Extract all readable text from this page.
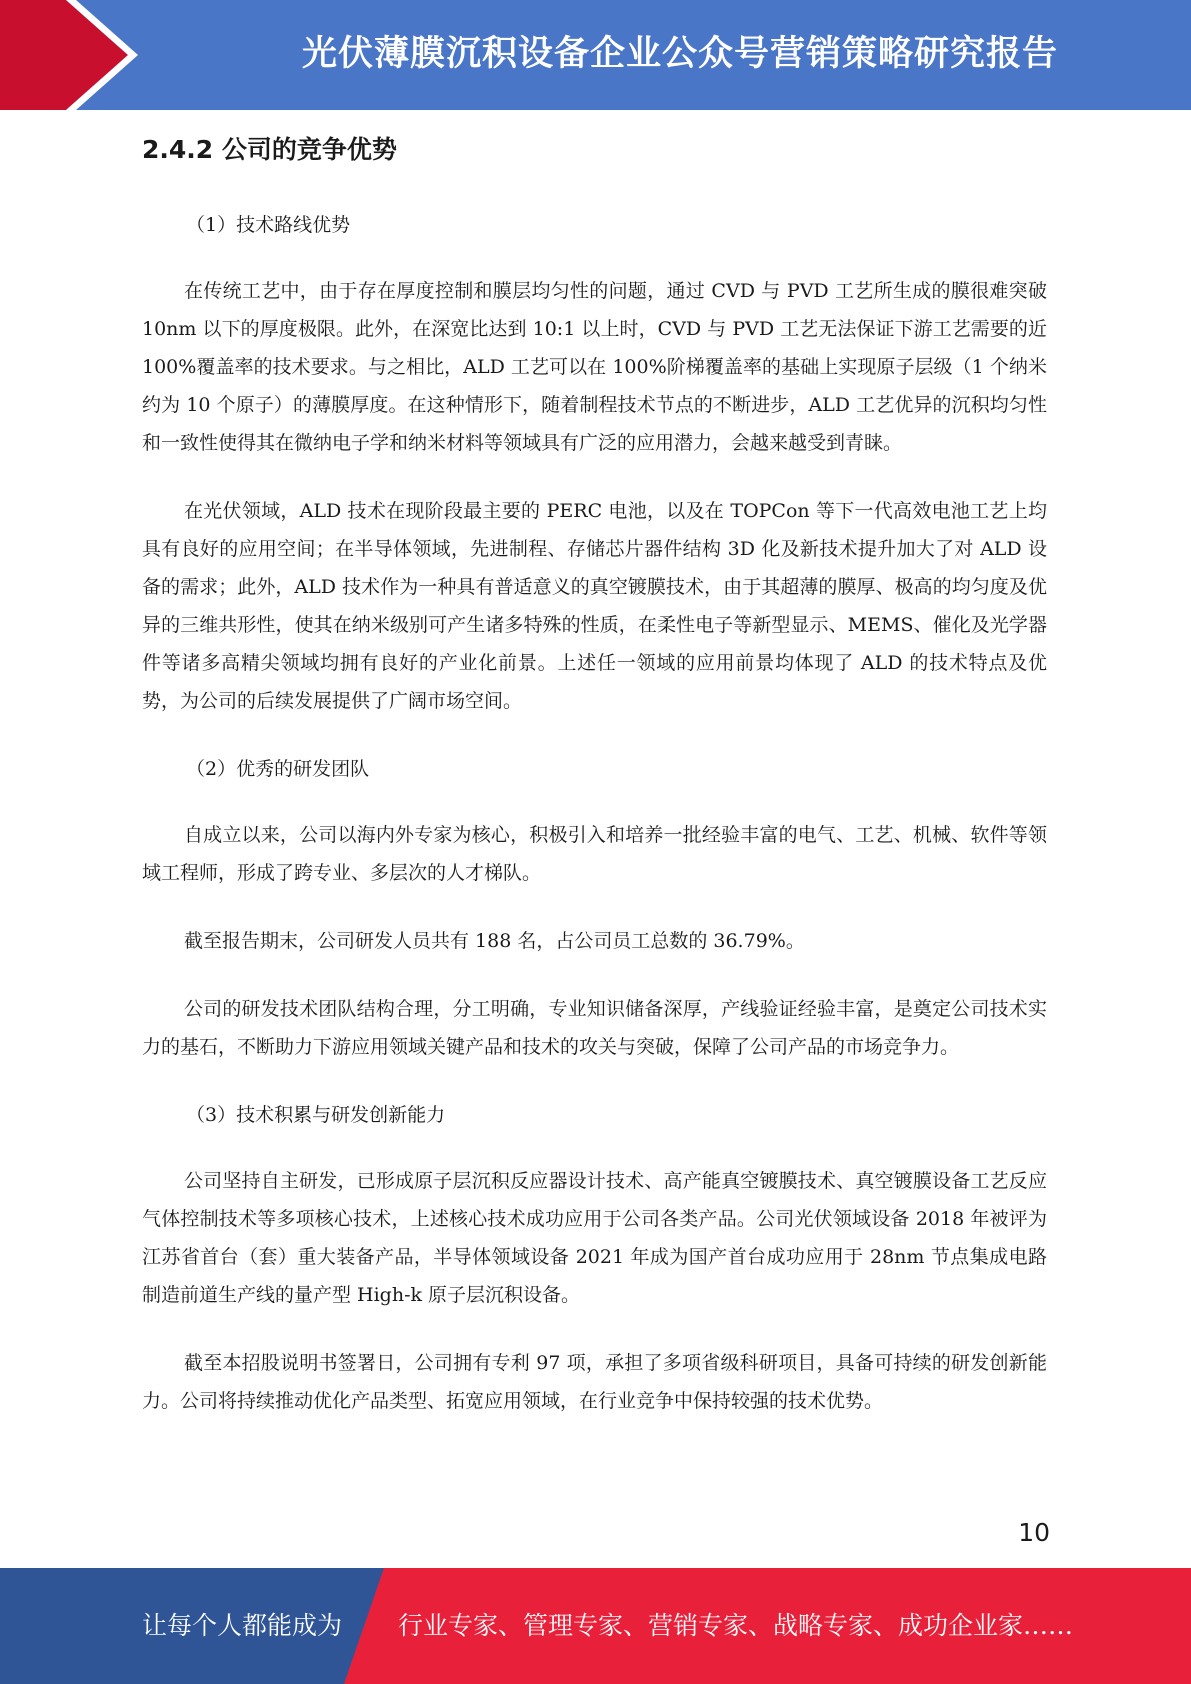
光伏薄膜沉积设备企业公众号营销策略研究报告
2.4.2 公司的竞争优势
（1）技术路线优势

在传统工艺中，由于存在厚度控制和膜层均匀性的问题，通过 CVD 与 PVD 工艺所生成的膜很难突破 10nm 以下的厚度极限。此外，在深宽比达到 10:1 以上时，CVD 与 PVD 工艺无法保证下游工艺需要的近 100%覆盖率的技术要求。与之相比，ALD 工艺可以在 100%阶梯覆盖率的基础上实现原子层级（1 个纳米约为 10 个原子）的薄膜厚度。在这种情形下，随着制程技术节点的不断进步，ALD 工艺优异的沉积均匀性和一致性使得其在微纳电子学和纳米材料等领域具有广泛的应用潜力，会越来越受到青睐。

在光伏领域，ALD 技术在现阶段最主要的 PERC 电池，以及在 TOPCon 等下一代高效电池工艺上均具有良好的应用空间；在半导体领域，先进制程、存储芯片器件结构 3D 化及新技术提升加大了对 ALD 设备的需求；此外，ALD 技术作为一种具有普适意义的真空镀膜技术，由于其超薄的膜厚、极高的均匀度及优异的三维共形性，使其在纳米级别可产生诸多特殊的性质，在柔性电子等新型显示、MEMS、催化及光学器件等诸多高精尖领域均拥有良好的产业化前景。上述任一领域的应用前景均体现了 ALD 的技术特点及优势，为公司的后续发展提供了广阔市场空间。

（2）优秀的研发团队

自成立以来，公司以海内外专家为核心，积极引入和培养一批经验丰富的电气、工艺、机械、软件等领域工程师，形成了跨专业、多层次的人才梯队。

截至报告期末，公司研发人员共有 188 名，占公司员工总数的 36.79%。

公司的研发技术团队结构合理，分工明确，专业知识储备深厚，产线验证经验丰富，是奠定公司技术实力的基石，不断助力下游应用领域关键产品和技术的攻关与突破，保障了公司产品的市场竞争力。

（3）技术积累与研发创新能力

公司坚持自主研发，已形成原子层沉积反应器设计技术、高产能真空镀膜技术、真空镀膜设备工艺反应气体控制技术等多项核心技术，上述核心技术成功应用于公司各类产品。公司光伏领域设备 2018 年被评为江苏省首台（套）重大装备产品，半导体领域设备 2021 年成为国产首台成功应用于 28nm 节点集成电路制造前道生产线的量产型 High-k 原子层沉积设备。

截至本招股说明书签署日，公司拥有专利 97 项，承担了多项省级科研项目，具备可持续的研发创新能力。公司将持续推动优化产品类型、拓宽应用领域，在行业竞争中保持较强的技术优势。

10
让每个人都能成为 行业专家、管理专家、营销专家、战略专家、成功企业家……
